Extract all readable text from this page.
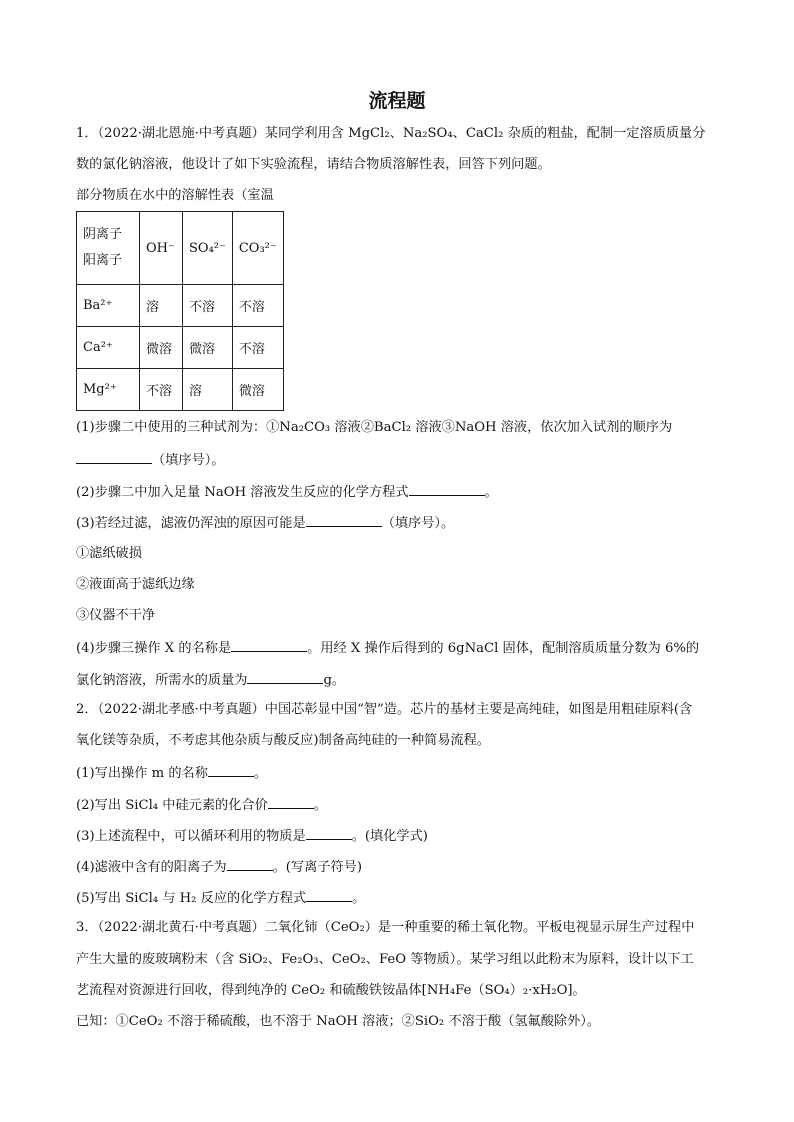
流程题
1．（2022·湖北恩施·中考真题）某同学利用含 MgCl₂、Na₂SO₄、CaCl₂ 杂质的粗盐，配制一定溶质质量分
数的氯化钠溶液，他设计了如下实验流程，请结合物质溶解性表，回答下列问题。
部分物质在水中的溶解性表（室温
阴离子
阳离子	OH⁻	SO₄²⁻	CO₃²⁻
Ba²⁺	溶	不溶	不溶
Ca²⁺	微溶	微溶	不溶
Mg²⁺	不溶	溶	微溶
(1)步骤二中使用的三种试剂为：①Na₂CO₃ 溶液②BaCl₂ 溶液③NaOH 溶液，依次加入试剂的顺序为
（填序号）。
(2)步骤二中加入足量 NaOH 溶液发生反应的化学方程式	。
(3)若经过滤，滤液仍浑浊的原因可能是	（填序号）。
①滤纸破损
②液面高于滤纸边缘
③仪器不干净
(4)步骤三操作 X 的名称是	。用经 X 操作后得到的 6gNaCl 固体，配制溶质质量分数为 6%的
氯化钠溶液，所需水的质量为	g。
2．（2022·湖北孝感·中考真题）中国芯彰显中国“智”造。芯片的基材主要是高纯硅，如图是用粗硅原料(含
氧化镁等杂质，不考虑其他杂质与酸反应)制备高纯硅的一种简易流程。
(1)写出操作 m 的名称	。
(2)写出 SiCl₄ 中硅元素的化合价	。
(3)上述流程中，可以循环利用的物质是	。(填化学式)
(4)滤液中含有的阳离子为	。(写离子符号)
(5)写出 SiCl₄ 与 H₂ 反应的化学方程式	。
3．（2022·湖北黄石·中考真题）二氧化铈（CeO₂）是一种重要的稀土氧化物。平板电视显示屏生产过程中
产生大量的废玻璃粉末（含 SiO₂、Fe₂O₃、CeO₂、FeO 等物质）。某学习组以此粉末为原料，设计以下工
艺流程对资源进行回收，得到纯净的 CeO₂ 和硫酸铁铵晶体[NH₄Fe（SO₄）₂·xH₂O]。
已知：①CeO₂ 不溶于稀硫酸，也不溶于 NaOH 溶液；②SiO₂ 不溶于酸（氢氟酸除外）。
